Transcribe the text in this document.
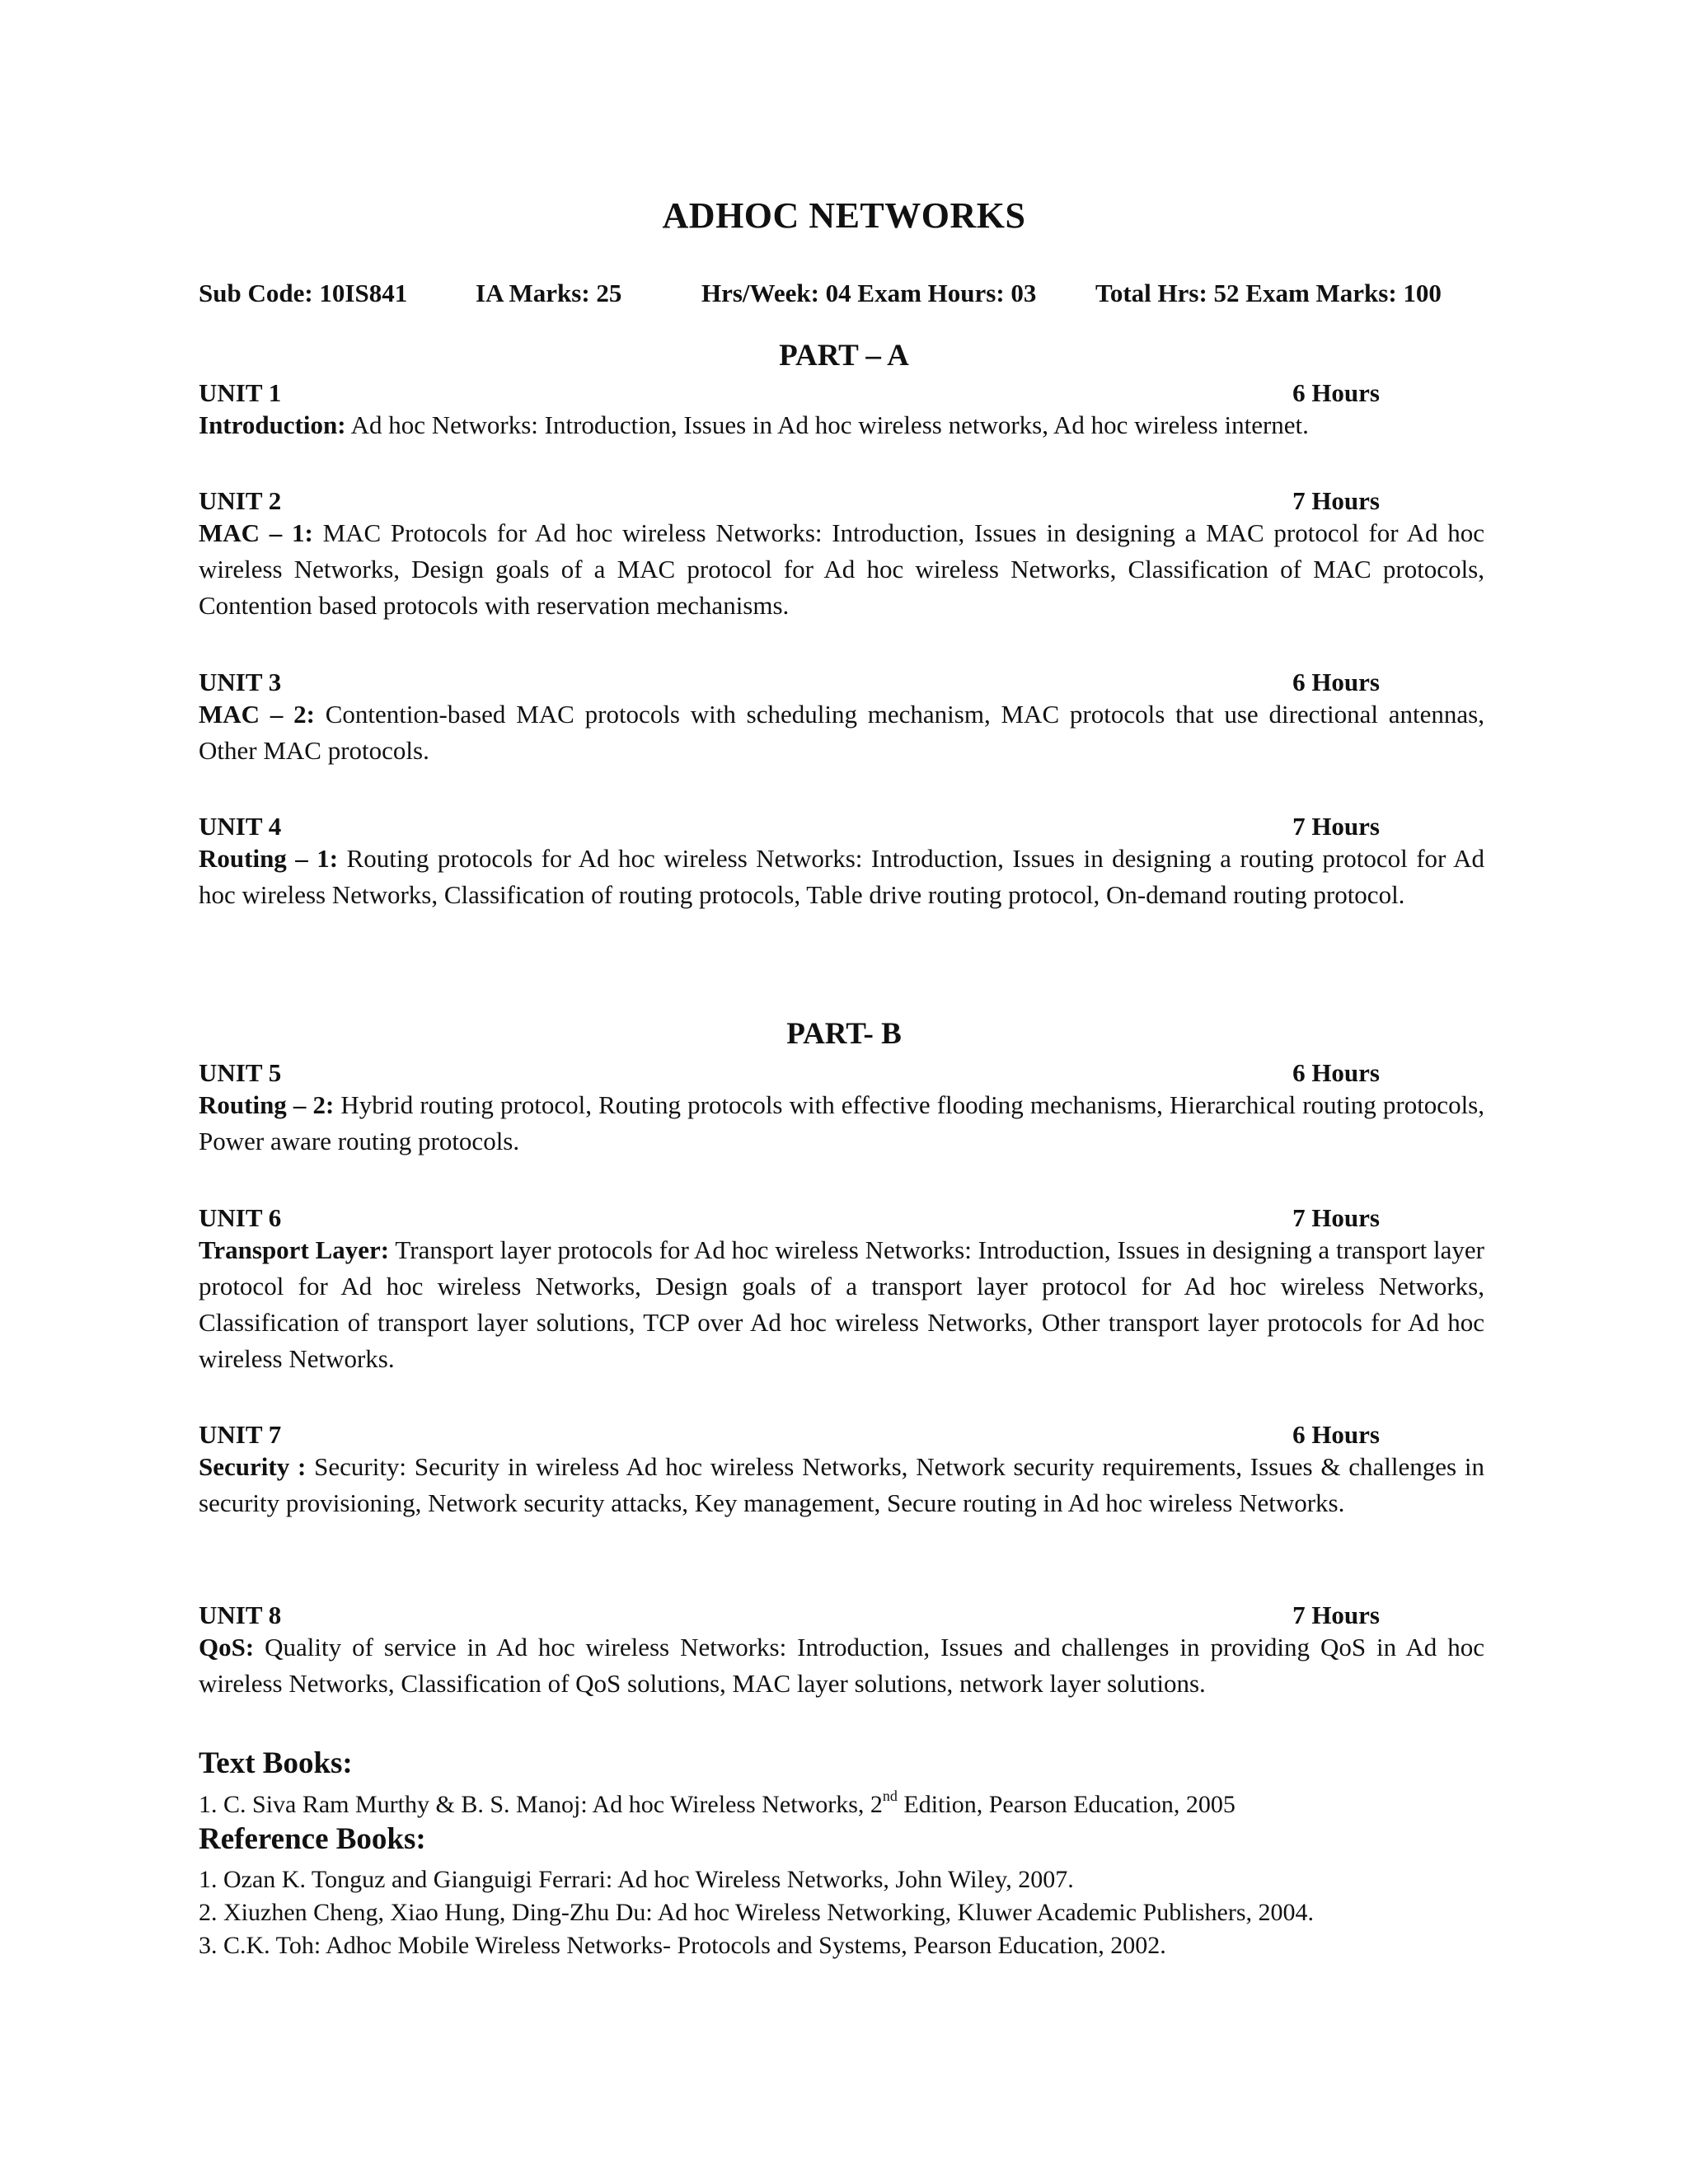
ADHOC NETWORKS
Sub Code: 10IS841	IA Marks: 25	Hrs/Week: 04 Exam Hours: 03 Total Hrs: 52 Exam Marks: 100
PART – A
UNIT 1	6 Hours

Introduction: Ad hoc Networks: Introduction, Issues in Ad hoc wireless networks, Ad hoc wireless internet.

UNIT 2	7 Hours

MAC – 1: MAC Protocols for Ad hoc wireless Networks: Introduction, Issues in designing a MAC protocol for Ad hoc wireless Networks, Design goals of a MAC protocol for Ad hoc wireless Networks, Classification of MAC protocols, Contention based protocols with reservation mechanisms.

UNIT 3	6 Hours

MAC – 2: Contention-based MAC protocols with scheduling mechanism, MAC protocols that use directional antennas, Other MAC protocols.

UNIT 4	7 Hours

Routing – 1: Routing protocols for Ad hoc wireless Networks: Introduction, Issues in designing a routing protocol for Ad hoc wireless Networks, Classification of routing protocols, Table drive routing protocol, On-demand routing protocol.

PART- B
UNIT 5	6 Hours

Routing – 2: Hybrid routing protocol, Routing protocols with effective flooding mechanisms, Hierarchical routing protocols, Power aware routing protocols.

UNIT 6	7 Hours

Transport Layer: Transport layer protocols for Ad hoc wireless Networks: Introduction, Issues in designing a transport layer protocol for Ad hoc wireless Networks, Design goals of a transport layer protocol for Ad hoc wireless Networks, Classification of transport layer solutions, TCP over Ad hoc wireless Networks, Other transport layer protocols for Ad hoc wireless Networks.

UNIT 7	6 Hours

Security : Security: Security in wireless Ad hoc wireless Networks, Network security requirements, Issues & challenges in security provisioning, Network security attacks, Key management, Secure routing in Ad hoc wireless Networks.

UNIT 8	7 Hours

QoS: Quality of service in Ad hoc wireless Networks: Introduction, Issues and challenges in providing QoS in Ad hoc wireless Networks, Classification of QoS solutions, MAC layer solutions, network layer solutions.

Text Books:
1. C. Siva Ram Murthy & B. S. Manoj: Ad hoc Wireless Networks, 2nd Edition, Pearson Education, 2005
Reference Books:
1. Ozan K. Tonguz and Gianguigi Ferrari: Ad hoc Wireless Networks, John Wiley, 2007.
2. Xiuzhen Cheng, Xiao Hung, Ding-Zhu Du: Ad hoc Wireless Networking, Kluwer Academic Publishers, 2004.
3. C.K. Toh: Adhoc Mobile Wireless Networks- Protocols and Systems, Pearson Education, 2002.
